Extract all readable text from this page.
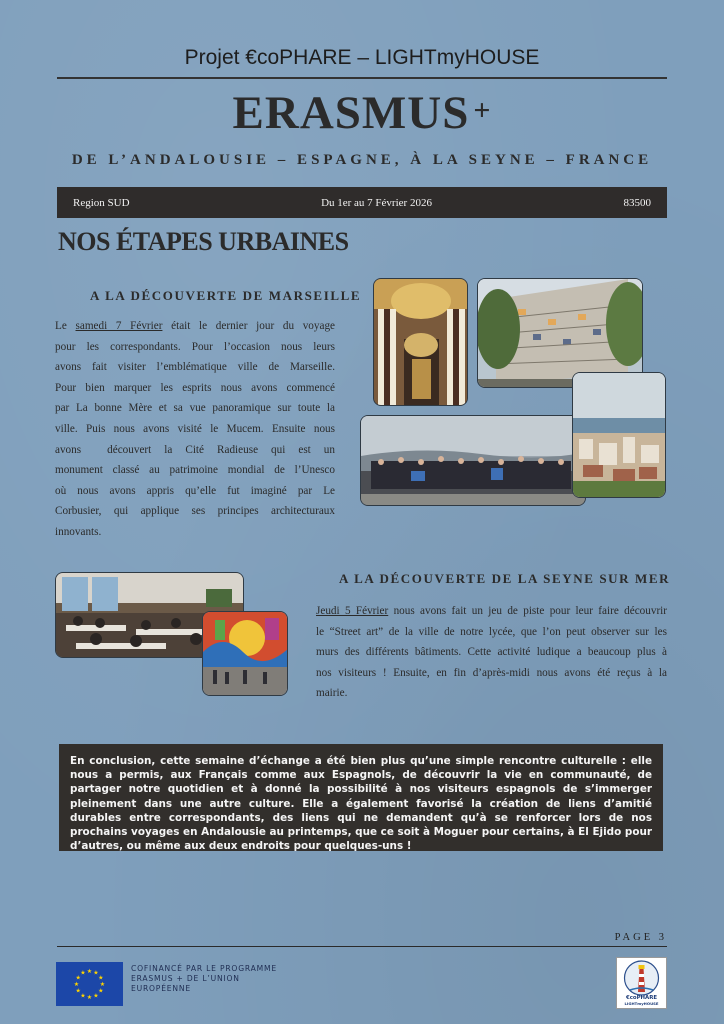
Projet €coPHARE – LIGHTmyHOUSE
ERASMUS +
DE L’ANDALOUSIE – ESPAGNE, À LA SEYNE – FRANCE
Region SUD	Du 1er au 7 Février 2026	83500
NOS ÉTAPES URBAINES
A LA DÉCOUVERTE DE MARSEILLE
Le samedi 7 Février était le dernier jour du voyage
pour les correspondants. Pour l’occasion nous leurs
avons fait visiter l’emblématique ville de Marseille.
Pour bien marquer les esprits nous avons commencé
par La bonne Mère et sa vue panoramique sur toute la
ville. Puis nous avons visité le Mucem. Ensuite nous
avons  découvert la Cité Radieuse qui est un
monument classé au patrimoine mondial de l’Unesco
où nous avons appris qu’elle fut imaginé par Le
Corbusier, qui applique ses principes architecturaux
innovants.
A LA DÉCOUVERTE DE LA SEYNE SUR MER
Jeudi 5 Février nous avons fait un jeu de piste pour leur faire découvrir
le “Street art” de la ville de notre lycée, que l’on peut observer sur les
murs des différents bâtiments. Cette activité ludique a beaucoup plus à
nos visiteurs ! Ensuite, en fin d’après-midi nous avons été reçus à la
mairie.
En conclusion, cette semaine d’échange a été bien plus qu’une simple rencontre culturelle : elle nous a permis, aux Français comme aux Espagnols, de découvrir la vie en communauté, de partager notre quotidien et à donné la possibilité à nos visiteurs espagnols de s’immerger pleinement dans une autre culture. Elle a également favorisé la création de liens d’amitié durables entre correspondants, des liens qui ne demandent qu’à se renforcer lors de nos prochains voyages en Andalousie au printemps, que ce soit à Moguer pour certains, à El Ejido pour d’autres, ou même aux deux endroits pour quelques-uns !
PAGE 3
★ ★
★
★
★
★
★
★
★
★
★
★
COFINANCÉ PAR LE PROGRAMME
ERASMUS + DE L’UNION
EUROPÉENNE
€coPHARE
LIGHTmyHOUSE
